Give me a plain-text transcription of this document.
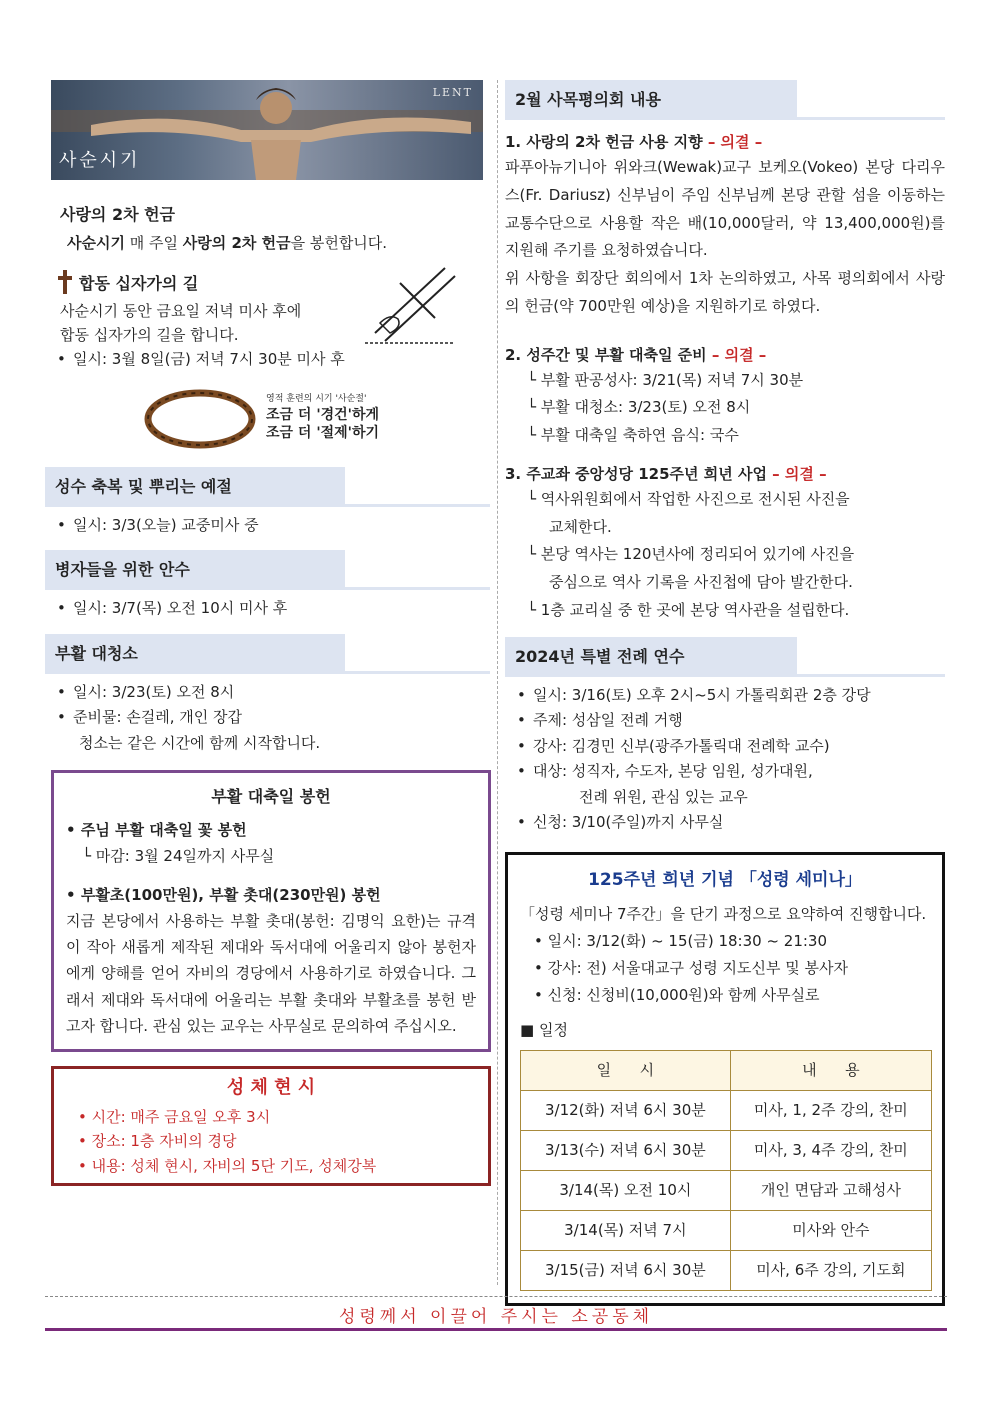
LENT
사순시기
사랑의 2차 헌금
사순시기 매 주일 사랑의 2차 헌금을 봉헌합니다.
합동 십자가의 길
사순시기 동안 금요일 저녁 미사 후에
합동 십자가의 길을 합니다.
• 일시: 3월 8일(금) 저녁 7시 30분 미사 후
영적 훈련의 시기 '사순절'
조금 더 '경건'하게
조금 더 '절제'하기
성수 축복 및 뿌리는 예절
• 일시: 3/3(오늘) 교중미사 중
병자들을 위한 안수
• 일시: 3/7(목) 오전 10시 미사 후
부활 대청소
• 일시: 3/23(토) 오전 8시
• 준비물: 손걸레, 개인 장갑
청소는 같은 시간에 함께 시작합니다.
부활 대축일 봉헌
• 주님 부활 대축일 꽃 봉헌
└ 마감: 3월 24일까지 사무실
• 부활초(100만원), 부활 촛대(230만원) 봉헌
지금 본당에서 사용하는 부활 촛대(봉헌: 김명익 요한)는 규격이 작아 새롭게 제작된 제대와 독서대에 어울리지 않아 봉헌자에게 양해를 얻어 자비의 경당에서 사용하기로 하였습니다. 그래서 제대와 독서대에 어울리는 부활 촛대와 부활초를 봉헌 받고자 합니다. 관심 있는 교우는 사무실로 문의하여 주십시오.
성 체 현 시
• 시간: 매주 금요일 오후 3시
• 장소: 1층 자비의 경당
• 내용: 성체 현시, 자비의 5단 기도, 성체강복
2월 사목평의회 내용
1. 사랑의 2차 헌금 사용 지향 – 의결 –
파푸아뉴기니아 위와크(Wewak)교구 보케오(Vokeo) 본당 다리우스(Fr. Dariusz) 신부님이 주임 신부님께 본당 관할 섬을 이동하는 교통수단으로 사용할 작은 배(10,000달러, 약 13,400,000원)를 지원해 주기를 요청하였습니다.
위 사항을 회장단 회의에서 1차 논의하였고, 사목 평의회에서 사랑의 헌금(약 700만원 예상)을 지원하기로 하였다.
2. 성주간 및 부활 대축일 준비 – 의결 –
└ 부활 판공성사: 3/21(목) 저녁 7시 30분
└ 부활 대청소: 3/23(토) 오전 8시
└ 부활 대축일 축하연 음식: 국수
3. 주교좌 중앙성당 125주년 희년 사업 – 의결 –
└ 역사위원회에서 작업한 사진으로 전시된 사진을
교체한다.
└ 본당 역사는 120년사에 정리되어 있기에 사진을
중심으로 역사 기록을 사진첩에 담아 발간한다.
└ 1층 교리실 중 한 곳에 본당 역사관을 설립한다.
2024년 특별 전례 연수
• 일시: 3/16(토) 오후 2시~5시 가톨릭회관 2층 강당
• 주제: 성삼일 전례 거행
• 강사: 김경민 신부(광주가톨릭대 전례학 교수)
• 대상: 성직자, 수도자, 본당 임원, 성가대원,
전례 위원, 관심 있는 교우
• 신청: 3/10(주일)까지 사무실
125주년 희년 기념 「성령 세미나」
「성령 세미나 7주간」을 단기 과정으로 요약하여 진행합니다.
• 일시: 3/12(화) ~ 15(금) 18:30 ~ 21:30
• 강사: 전) 서울대교구 성령 지도신부 및 봉사자
• 신청: 신청비(10,000원)와 함께 사무실로
■ 일정
일      시	내      용
3/12(화) 저녁 6시 30분	미사, 1, 2주 강의, 찬미
3/13(수) 저녁 6시 30분	미사, 3, 4주 강의, 찬미
3/14(목) 오전 10시	개인 면담과 고해성사
3/14(목) 저녁 7시	미사와 안수
3/15(금) 저녁 6시 30분	미사, 6주 강의, 기도회
성령께서 이끌어 주시는 소공동체
